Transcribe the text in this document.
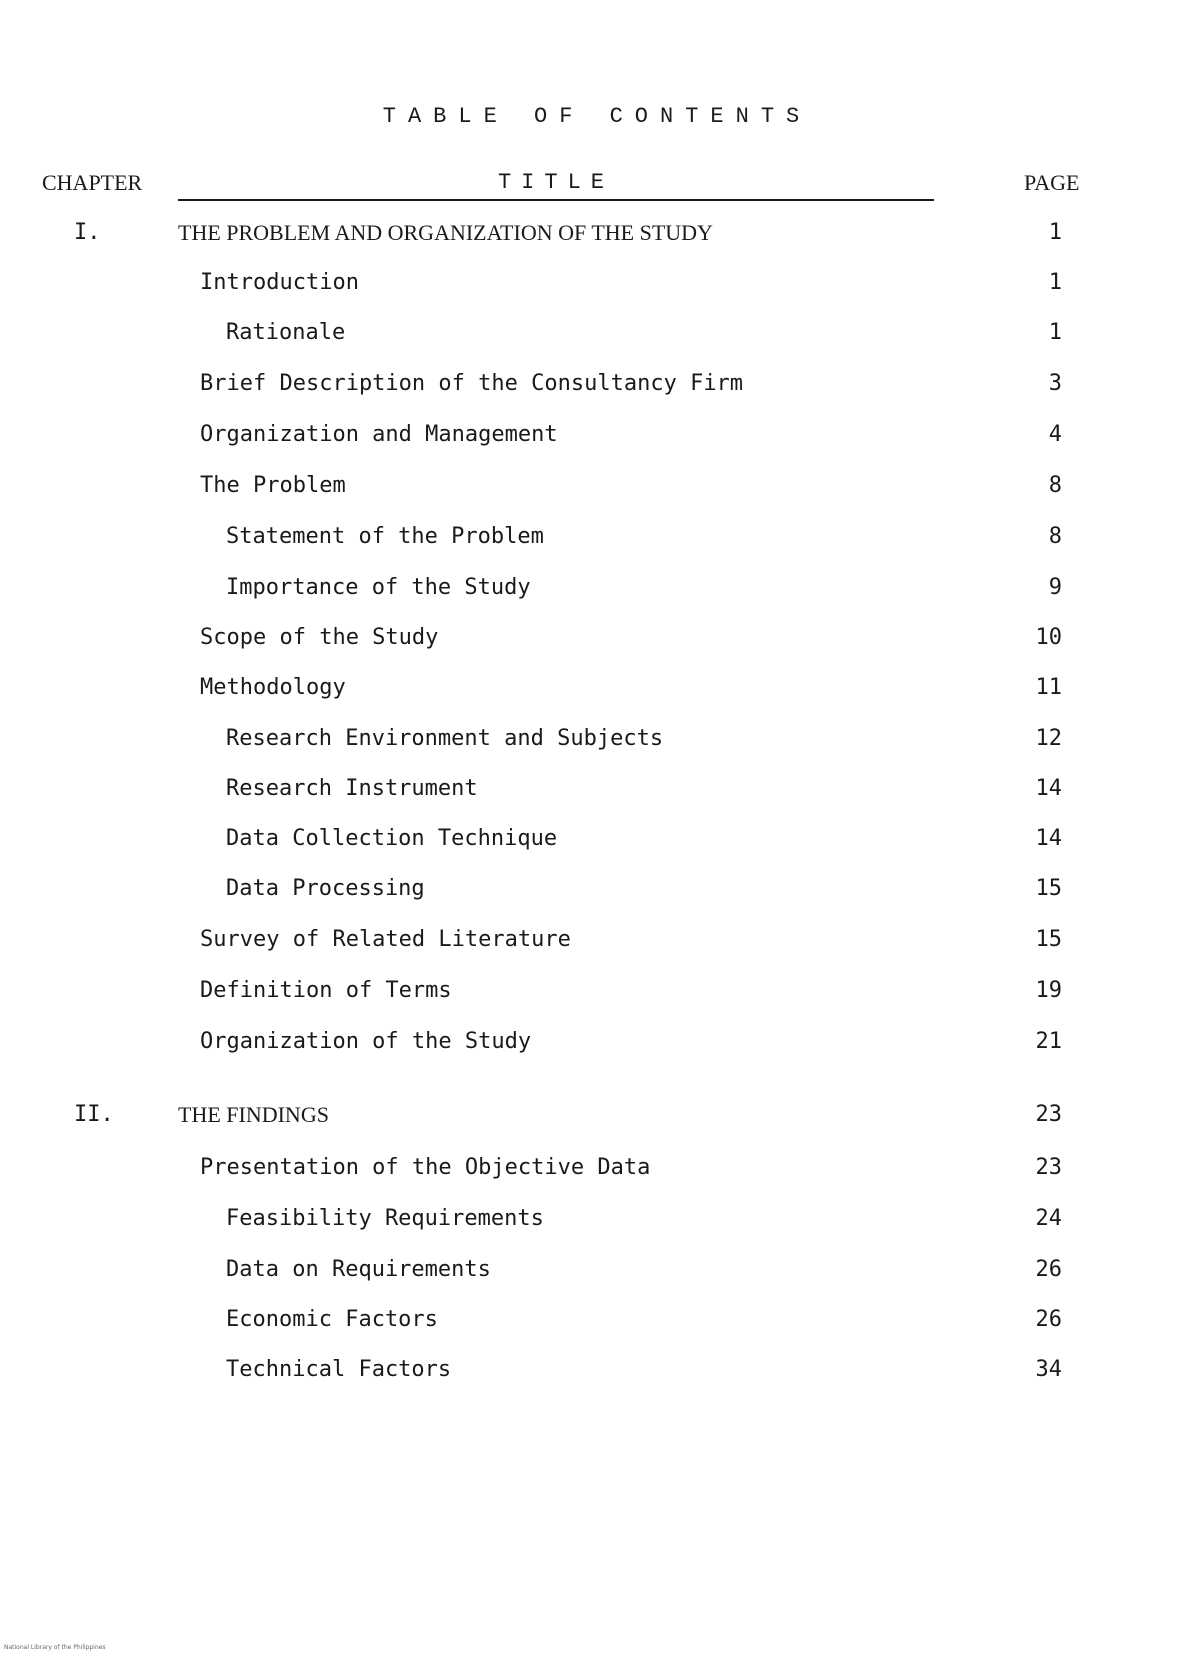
TABLE OF CONTENTS
CHAPTER	TITLE	PAGE
I.	THE PROBLEM AND ORGANIZATION OF THE STUDY	1
Introduction	1
Rationale	1
Brief Description of the Consultancy Firm	3
Organization and Management	4
The Problem	8
Statement of the Problem	8
Importance of the Study	9
Scope of the Study	10
Methodology	11
Research Environment and Subjects	12
Research Instrument	14
Data Collection Technique	14
Data Processing	15
Survey of Related Literature	15
Definition of Terms	19
Organization of the Study	21
II.	THE FINDINGS	23
Presentation of the Objective Data	23
Feasibility Requirements	24
Data on Requirements	26
Economic Factors	26
Technical Factors	34
National Library of the Philippines
